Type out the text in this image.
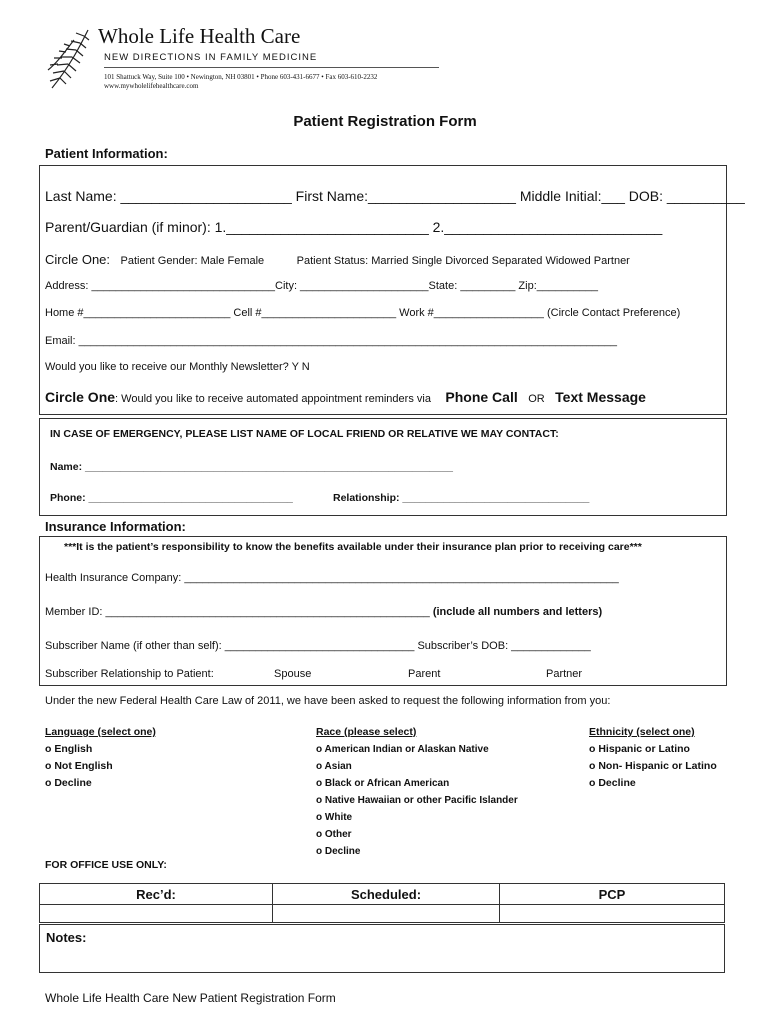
Whole Life Health Care
NEW DIRECTIONS IN FAMILY MEDICINE
101 Shattuck Way, Suite 100 • Newington, NH 03801 • Phone 603-431-6677 • Fax 603-610-2232
www.mywholelifehealthcare.com
Patient Registration Form
Patient Information:
Last Name: ______________________ First Name:___________________ Middle Initial:___ DOB: __________
Parent/Guardian (if minor): 1.__________________________ 2.____________________________
Circle One: Patient Gender: Male Female	Patient Status: Married Single Divorced Separated Widowed Partner
Address: ______________________________City: _____________________State: _________ Zip:__________
Home #________________________ Cell #______________________ Work #__________________ (Circle Contact Preference)
Email: ________________________________________________________________________________________
Would you like to receive our Monthly Newsletter? Y N
Circle One: Would you like to receive automated appointment reminders via Phone Call OR Text Message
IN CASE OF EMERGENCY, PLEASE LIST NAME OF LOCAL FRIEND OR RELATIVE WE MAY CONTACT:
Name: _______________________________________________________________
Phone: ___________________________________	Relationship: ________________________________
Insurance Information:
***It is the patient’s responsibility to know the benefits available under their insurance plan prior to receiving care***
Health Insurance Company: _______________________________________________________________________
Member ID: _____________________________________________________ (include all numbers and letters)
Subscriber Name (if other than self): _______________________________ Subscriber’s DOB: _____________
Subscriber Relationship to Patient:	Spouse	Parent	Partner
Under the new Federal Health Care Law of 2011, we have been asked to request the following information from you:
Language (select one)
o English
o Not English
o Decline
Race (please select)
o American Indian or Alaskan Native
o Asian
o Black or African American
o Native Hawaiian or other Pacific Islander
o White
o Other
o Decline
Ethnicity (select one)
o Hispanic or Latino
o Non- Hispanic or Latino
o Decline
FOR OFFICE USE ONLY:
Rec’d:	Scheduled:	PCP

Notes:
Whole Life Health Care New Patient Registration Form
